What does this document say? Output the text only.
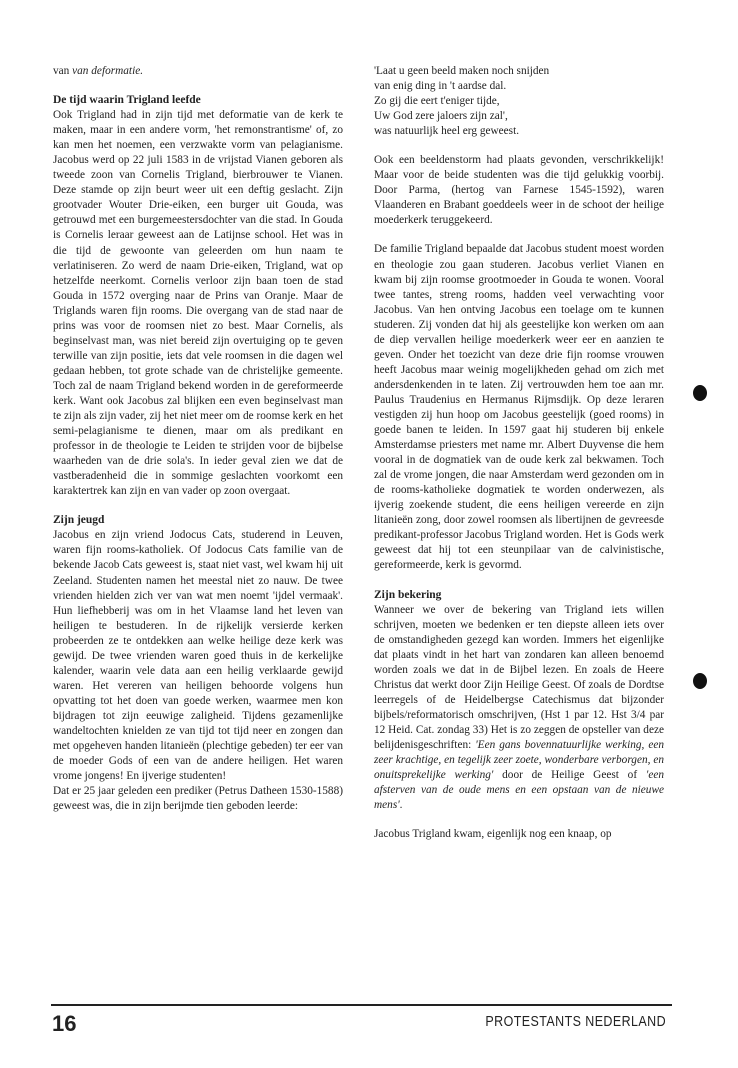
van van deformatie.

De tijd waarin Trigland leefde

Ook Trigland had in zijn tijd met deformatie van de kerk te maken, maar in een andere vorm, 'het remonstrantisme' of, zo kan men het noemen, een verzwakte vorm van pelagianisme. Jacobus werd op 22 juli 1583 in de vrijstad Vianen geboren als tweede zoon van Cornelis Trigland, bierbrouwer te Vianen. Deze stamde op zijn beurt weer uit een deftig geslacht. Zijn grootvader Wouter Drie-eiken, een burger uit Gouda, was getrouwd met een burgemeestersdochter van die stad. In Gouda is Cornelis leraar geweest aan de Latijnse school. Het was in die tijd de gewoonte van geleerden om hun naam te verlatiniseren. Zo werd de naam Drie-eiken, Trigland, wat op hetzelfde neerkomt. Cornelis verloor zijn baan toen de stad Gouda in 1572 overging naar de Prins van Oranje. Maar de Triglands waren fijn rooms. Die overgang van de stad naar de prins was voor de roomsen niet zo best. Maar Cornelis, als beginselvast man, was niet bereid zijn overtuiging op te geven terwille van zijn positie, iets dat vele roomsen in die dagen wel gedaan hebben, tot grote schade van de christelijke gemeente. Toch zal de naam Trigland bekend worden in de gereformeerde kerk. Want ook Jacobus zal blijken een even beginselvast man te zijn als zijn vader, zij het niet meer om de roomse kerk en het semi-pelagianisme te dienen, maar om als predikant en professor in de theologie te Leiden te strijden voor de bijbelse waarheden van de drie sola's. In ieder geval zien we dat de vastberadenheid die in sommige geslachten voorkomt een karaktertrek kan zijn en van vader op zoon overgaat.

Zijn jeugd

Jacobus en zijn vriend Jodocus Cats, studerend in Leuven, waren fijn rooms-katholiek. Of Jodocus Cats familie van de bekende Jacob Cats geweest is, staat niet vast, wel kwam hij uit Zeeland. Studenten namen het meestal niet zo nauw. De twee vrienden hielden zich ver van wat men noemt 'ijdel vermaak'. Hun liefhebberij was om in het Vlaamse land het leven van heiligen te bestuderen. In de rijkelijk versierde kerken probeerden ze te ontdekken aan welke heilige deze kerk was gewijd. De twee vrienden waren goed thuis in de kerkelijke kalender, waarin vele data aan een heilig verklaarde gewijd waren. Het vereren van heiligen behoorde volgens hun opvatting tot het doen van goede werken, waarmee men kon bijdragen tot zijn eeuwige zaligheid. Tijdens gezamenlijke wandeltochten knielden ze van tijd tot tijd neer en zongen dan met opgeheven handen litanieën (plechtige gebeden) ter eer van de moeder Gods of een van de andere heiligen. Het waren vrome jongens! En ijverige studenten!

Dat er 25 jaar geleden een prediker (Petrus Datheen 1530-1588) geweest was, die in zijn berijmde tien geboden leerde:

'Laat u geen beeld maken noch snijden
van enig ding in 't aardse dal.
Zo gij die eert t'eniger tijde,
Uw God zere jaloers zijn zal',
was natuurlijk heel erg geweest.

Ook een beeldenstorm had plaats gevonden, verschrikkelijk! Maar voor de beide studenten was die tijd gelukkig voorbij. Door Parma, (hertog van Farnese 1545-1592), waren Vlaanderen en Brabant goeddeels weer in de schoot der heilige moederkerk teruggekeerd.

De familie Trigland bepaalde dat Jacobus student moest worden en theologie zou gaan studeren. Jacobus verliet Vianen en kwam bij zijn roomse grootmoeder in Gouda te wonen. Vooral twee tantes, streng rooms, hadden veel verwachting voor Jacobus. Van hen ontving Jacobus een toelage om te kunnen studeren. Zij vonden dat hij als geestelijke kon werken om aan de diep vervallen heilige moederkerk weer eer en aanzien te geven. Onder het toezicht van deze drie fijn roomse vrouwen heeft Jacobus maar weinig mogelijkheden gehad om zich met andersdenkenden in te laten. Zij vertrouwden hem toe aan mr. Paulus Traudenius en Hermanus Rijmsdijk. Op deze leraren vestigden zij hun hoop om Jacobus geestelijk (goed rooms) in goede banen te leiden. In 1597 gaat hij studeren bij enkele Amsterdamse priesters met name mr. Albert Duyvense die hem vooral in de dogmatiek van de oude kerk zal bekwamen. Toch zal de vrome jongen, die naar Amsterdam werd gezonden om in de rooms-katholieke dogmatiek te worden onderwezen, als ijverig zoekende student, die eens heiligen vereerde en zijn litanieën zong, door zowel roomsen als libertijnen de gevreesde predikant-professor Jacobus Trigland worden. Het is Gods werk geweest dat hij tot een steunpilaar van de calvinistische, gereformeerde, kerk is gevormd.

Zijn bekering

Wanneer we over de bekering van Trigland iets willen schrijven, moeten we bedenken er ten diepste alleen iets over de omstandigheden gezegd kan worden. Immers het eigenlijke dat plaats vindt in het hart van zondaren kan alleen benoemd worden zoals we dat in de Bijbel lezen. En zoals de Heere Christus dat werkt door Zijn Heilige Geest. Of zoals de Dordtse leerregels of de Heidelbergse Catechismus dat bijzonder bijbels/reformatorisch omschrijven, (Hst 1 par 12. Hst 3/4 par 12 Heid. Cat. zondag 33) Het is zo zeggen de opsteller van deze belijdenisgeschriften: 'Een gans bovennatuurlijke werking, een zeer krachtige, en tegelijk zeer zoete, wonderbare verborgen, en onuitsprekelijke werking' door de Heilige Geest of 'een afsterven van de oude mens en een opstaan van de nieuwe mens'.

Jacobus Trigland kwam, eigenlijk nog een knaap, op

16	PROTESTANTS NEDERLAND
